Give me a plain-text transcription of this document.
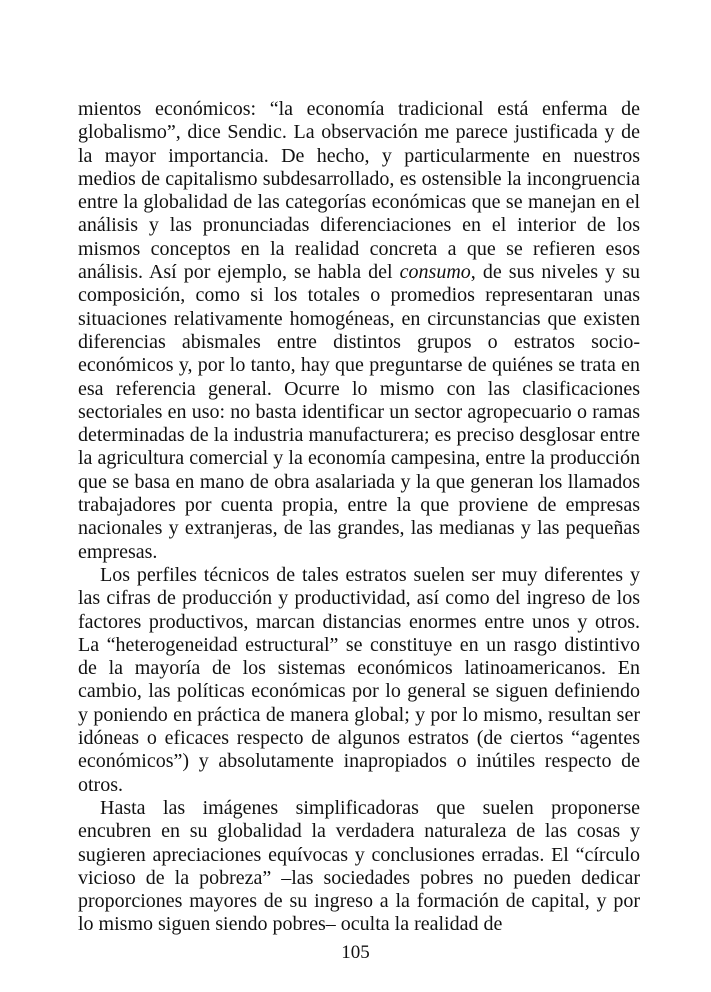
mientos económicos: “la economía tradicional está enferma de globalismo”, dice Sendic. La observación me parece justificada y de la mayor importancia. De hecho, y particularmente en nuestros medios de capitalismo subdesarrollado, es ostensible la incongruencia entre la globalidad de las categorías económicas que se manejan en el análisis y las pronunciadas diferenciaciones en el interior de los mismos conceptos en la realidad concreta a que se refieren esos análisis. Así por ejemplo, se habla del consumo, de sus niveles y su composición, como si los totales o promedios representaran unas situaciones relativamente homogéneas, en circunstancias que existen diferencias abismales entre distintos grupos o estratos socio-económicos y, por lo tanto, hay que preguntarse de quiénes se trata en esa referencia general. Ocurre lo mismo con las clasificaciones sectoriales en uso: no basta identificar un sector agropecuario o ramas determinadas de la industria manufacturera; es preciso desglosar entre la agricultura comercial y la economía campesina, entre la producción que se basa en mano de obra asalariada y la que generan los llamados trabajadores por cuenta propia, entre la que proviene de empresas nacionales y extranjeras, de las grandes, las medianas y las pequeñas empresas.

Los perfiles técnicos de tales estratos suelen ser muy diferentes y las cifras de producción y productividad, así como del ingreso de los factores productivos, marcan distancias enormes entre unos y otros. La “heterogeneidad estructural” se constituye en un rasgo distintivo de la mayoría de los sistemas económicos latinoamericanos. En cambio, las políticas económicas por lo general se siguen definiendo y poniendo en práctica de manera global; y por lo mismo, resultan ser idóneas o eficaces respecto de algunos estratos (de ciertos “agentes económicos”) y absolutamente inapropiados o inútiles respecto de otros.

Hasta las imágenes simplificadoras que suelen proponerse encubren en su globalidad la verdadera naturaleza de las cosas y sugieren apreciaciones equívocas y conclusiones erradas. El “círculo vicioso de la pobreza” –las sociedades pobres no pueden dedicar proporciones mayores de su ingreso a la formación de capital, y por lo mismo siguen siendo pobres– oculta la realidad de

105
